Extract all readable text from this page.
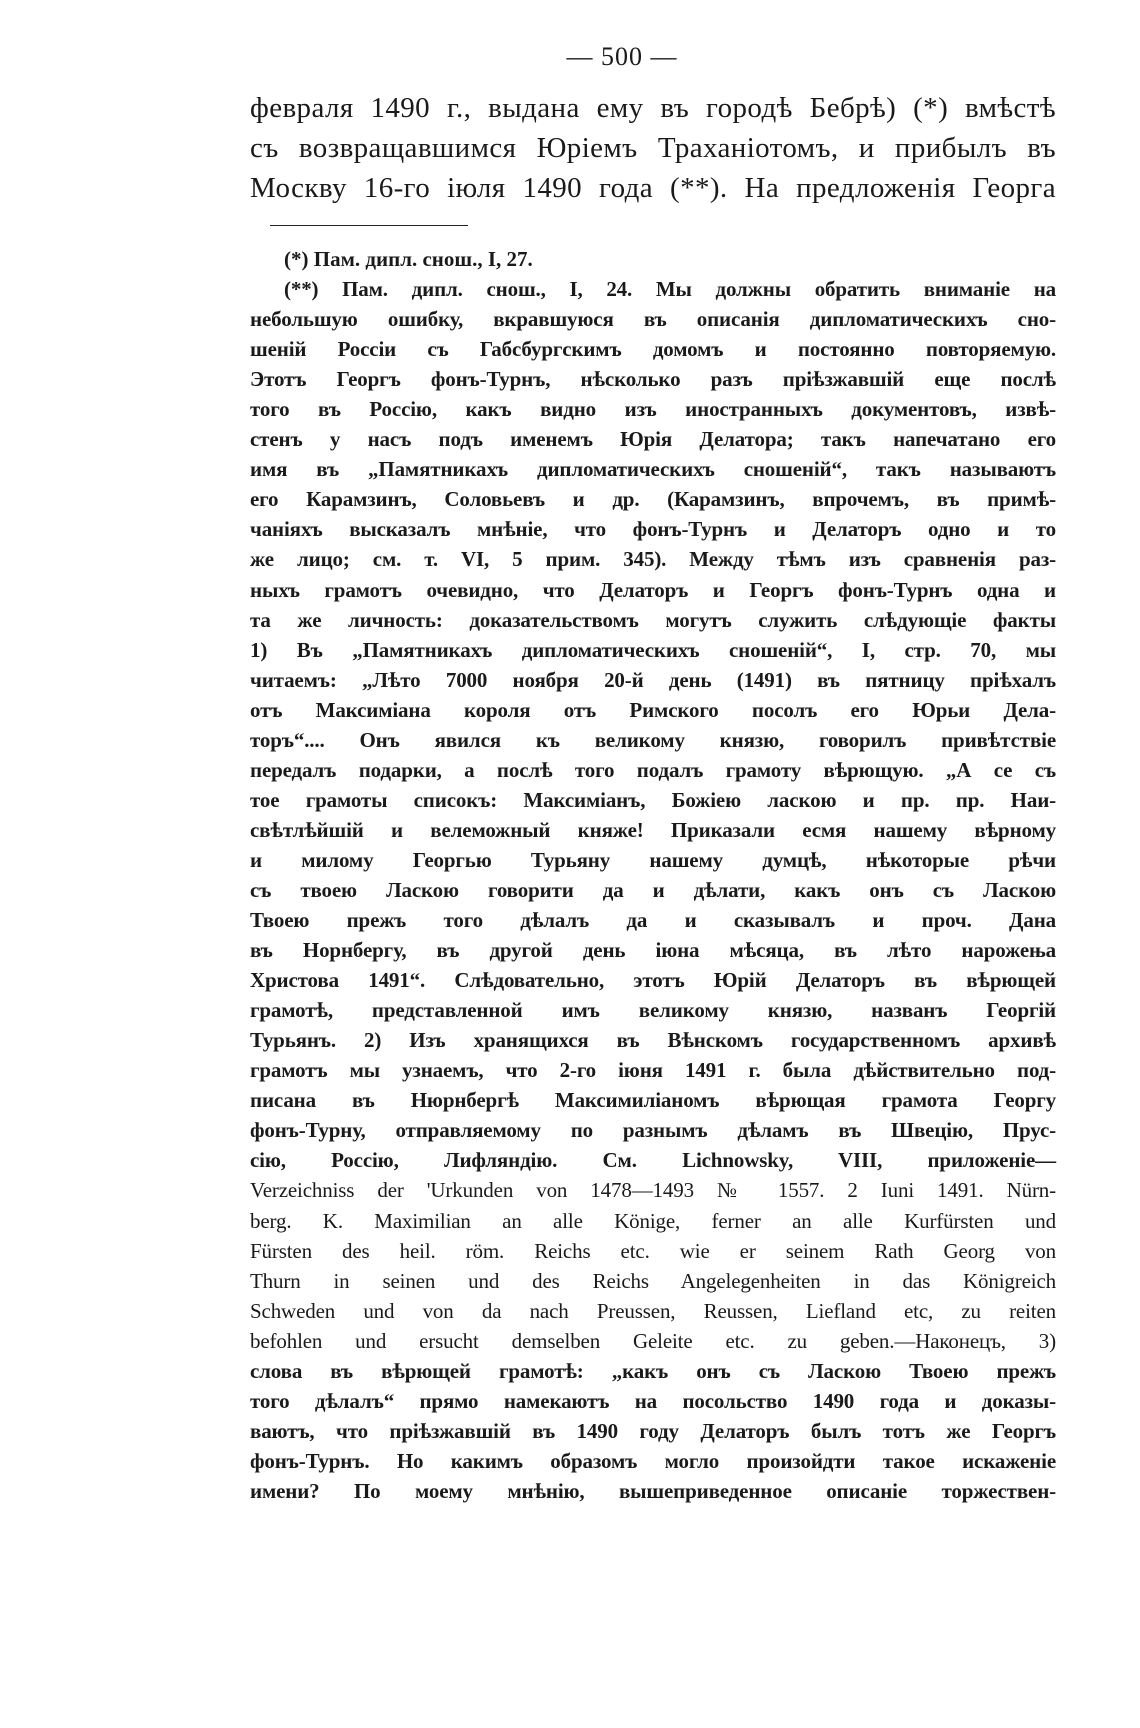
— 500 —
февраля 1490 г., выдана ему въ городѣ Бебрѣ) (*) вмѣстѣ
съ возвращавшимся Юріемъ Траханіотомъ, и прибылъ въ
Москву 16-го іюля 1490 года (**). На предложенія Георга
(*) Пам. дипл. снош., I, 27.
(**) Пам. дипл. снош., I, 24. Мы должны обратить вниманіе на
небольшую ошибку, вкравшуюся въ описанія дипломатическихъ сно-
шеній Россіи съ Габсбургскимъ домомъ и постоянно повторяемую.
Этотъ Георгъ фонъ-Турнъ, нѣсколько разъ пріѣзжавшій еще послѣ
того въ Россію, какъ видно изъ иностранныхъ документовъ, извѣ-
стенъ у насъ подъ именемъ Юрія Делатора; такъ напечатано его
имя въ „Памятникахъ дипломатическихъ сношеній“, такъ называютъ
его Карамзинъ, Соловьевъ и др. (Карамзинъ, впрочемъ, въ примѣ-
чаніяхъ высказалъ мнѣніе, что фонъ-Турнъ и Делаторъ одно и то
же лицо; см. т. VI, 5 прим. 345). Между тѣмъ изъ сравненія раз-
ныхъ грамотъ очевидно, что Делаторъ и Георгъ фонъ-Турнъ одна и
та же личность: доказательствомъ могутъ служить слѣдующіе факты
1) Въ „Памятникахъ дипломатическихъ сношеній“, I, стр. 70, мы
читаемъ: „Лѣто 7000 ноября 20-й день (1491) въ пятницу пріѣхалъ
отъ Максиміана короля отъ Римского посолъ его Юрьи Дела-
торъ“.... Онъ явился къ великому князю, говорилъ привѣтствіе
передалъ подарки, а послѣ того подалъ грамоту вѣрющую. „А се съ
тое грамоты списокъ: Максиміанъ, Божіею ласкою и пр. пр. Наи-
свѣтлѣйшій и велеможный княже! Приказали есмя нашему вѣрному
и милому Георгью Турьяну нашему думцѣ, нѣкоторые рѣчи
съ твоею Ласкою говорити да и дѣлати, какъ онъ съ Ласкою
Твоею прежъ того дѣлалъ да и сказывалъ и проч. Дана
въ Норнбергу, въ другой день іюна мѣсяца, въ лѣто нарожења
Христова 1491“. Слѣдовательно, этотъ Юрій Делаторъ въ вѣрющей
грамотѣ, представленной имъ великому князю, названъ Георгій
Турьянъ. 2) Изъ хранящихся въ Вѣнскомъ государственномъ архивѣ
грамотъ мы узнаемъ, что 2-го іюня 1491 г. была дѣйствительно под-
писана въ Нюрнбергѣ Максимиліаномъ вѣрющая грамота Георгу
фонъ-Турну, отправляемому по разнымъ дѣламъ въ Швецію, Прус-
сію, Россію, Лифляндію. См. Lichnowsky, VIII, приложеніе—
Verzeichniss der 'Urkunden von 1478—1493 № 1557. 2 Iuni 1491. Nürn-
berg. K. Maximilian an alle Könige, ferner an alle Kurfürsten und
Fürsten des heil. röm. Reichs etc. wie er seinem Rath Georg von
Thurn in seinen und des Reichs Angelegenheiten in das Königreich
Schweden und von da nach Preussen, Reussen, Liefland etc, zu reiten
befohlen und ersucht demselben Geleite etc. zu geben.—Наконецъ, 3)
слова въ вѣрющей грамотѣ: „какъ онъ съ Ласкою Твоею прежъ
того дѣлалъ“ прямо намекаютъ на посольство 1490 года и доказы-
ваютъ, что пріѣзжавшій въ 1490 году Делаторъ былъ тотъ же Георгъ
фонъ-Турнъ. Но какимъ образомъ могло произойдти такое искаженіе
имени? По моему мнѣнію, вышеприведенное описаніе торжествен-
